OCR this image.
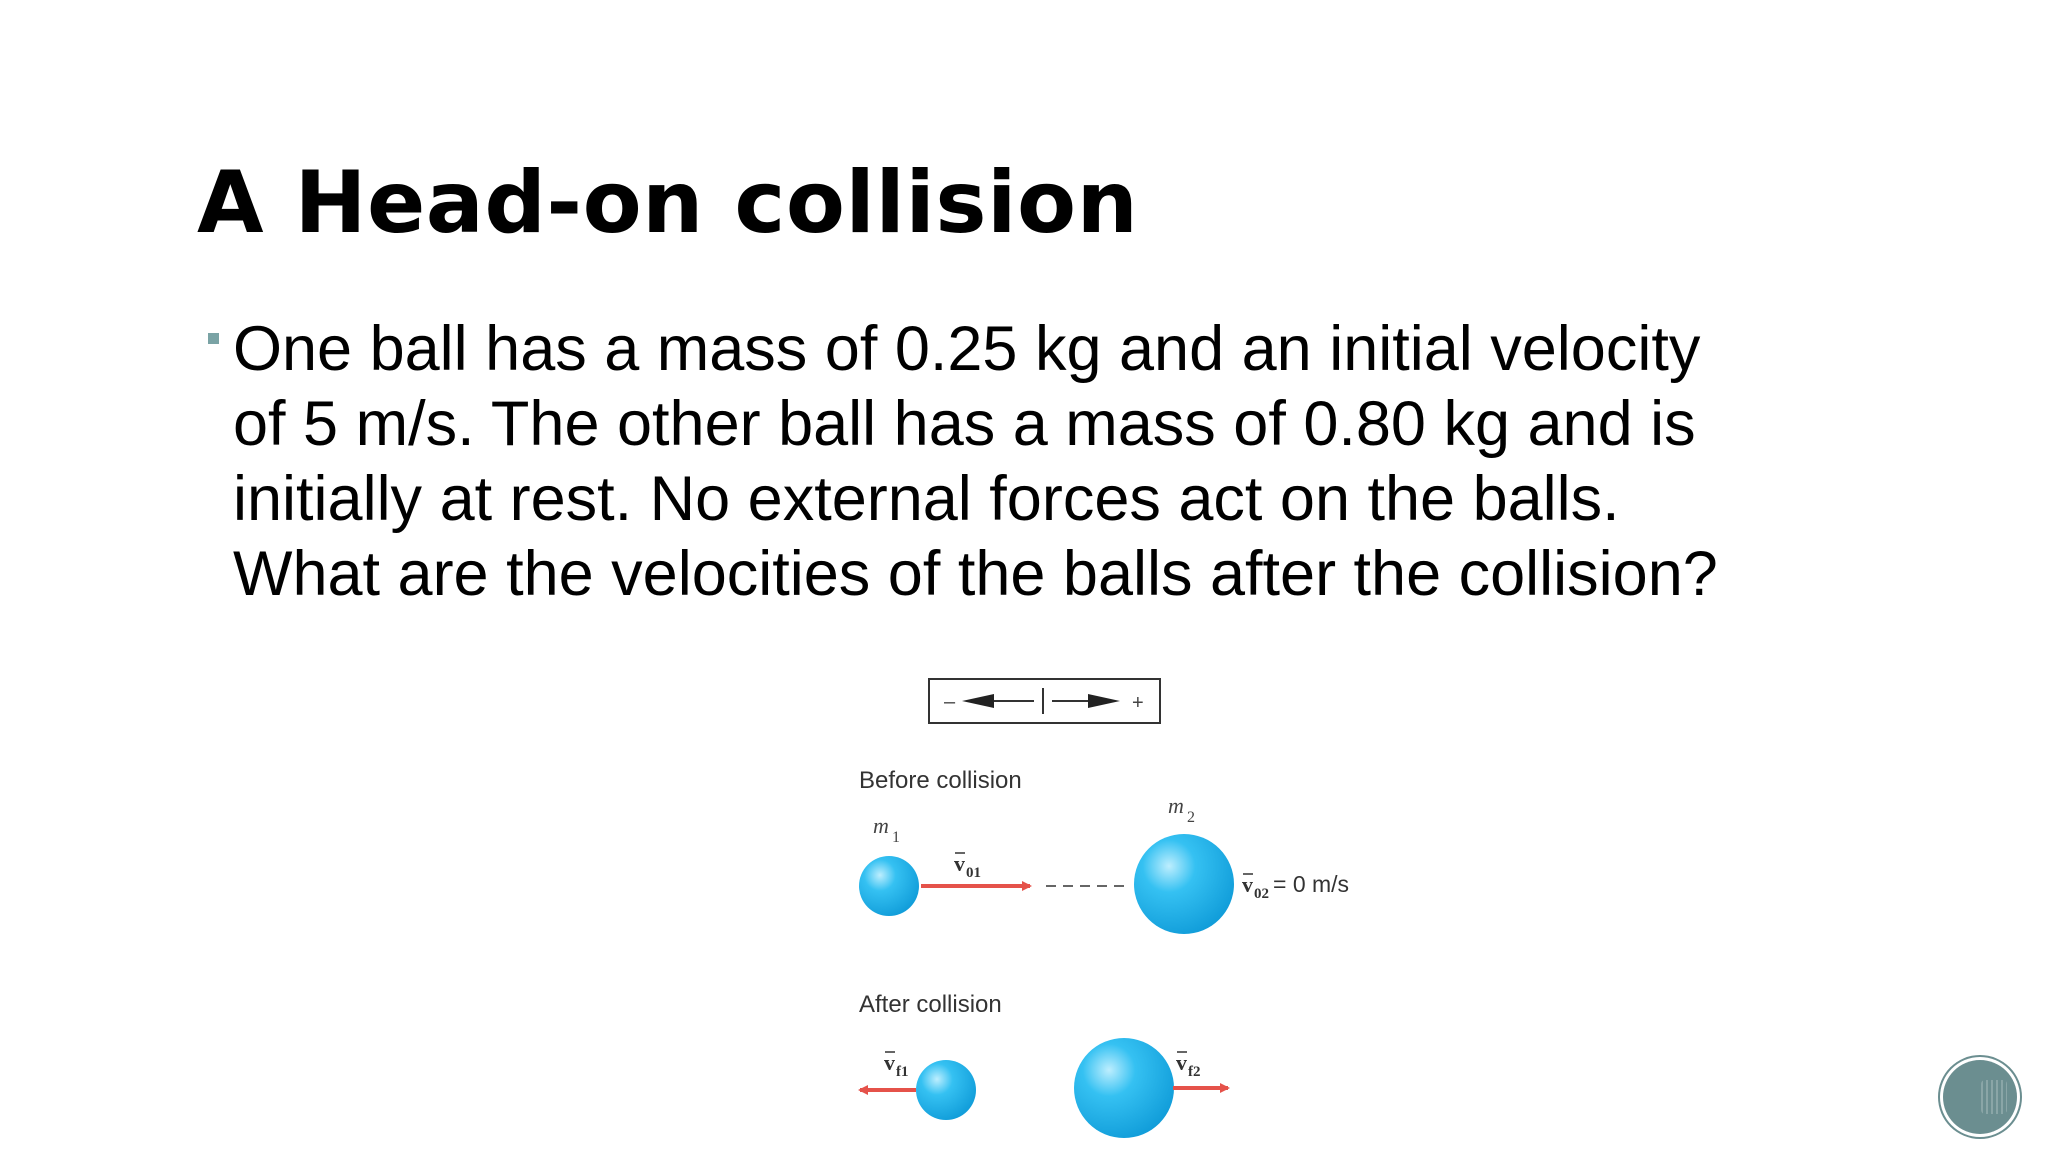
A Head-on collision
One ball has a mass of 0.25 kg and an initial velocity
of 5 m/s. The other ball has a mass of 0.80 kg and is
initially at rest. No external forces act on the balls.
What are the velocities of the balls after the collision?
–	+
Before collision
m 1
m 2
v 01	v 02 = 0 m/s
After collision
v f1	v f2
